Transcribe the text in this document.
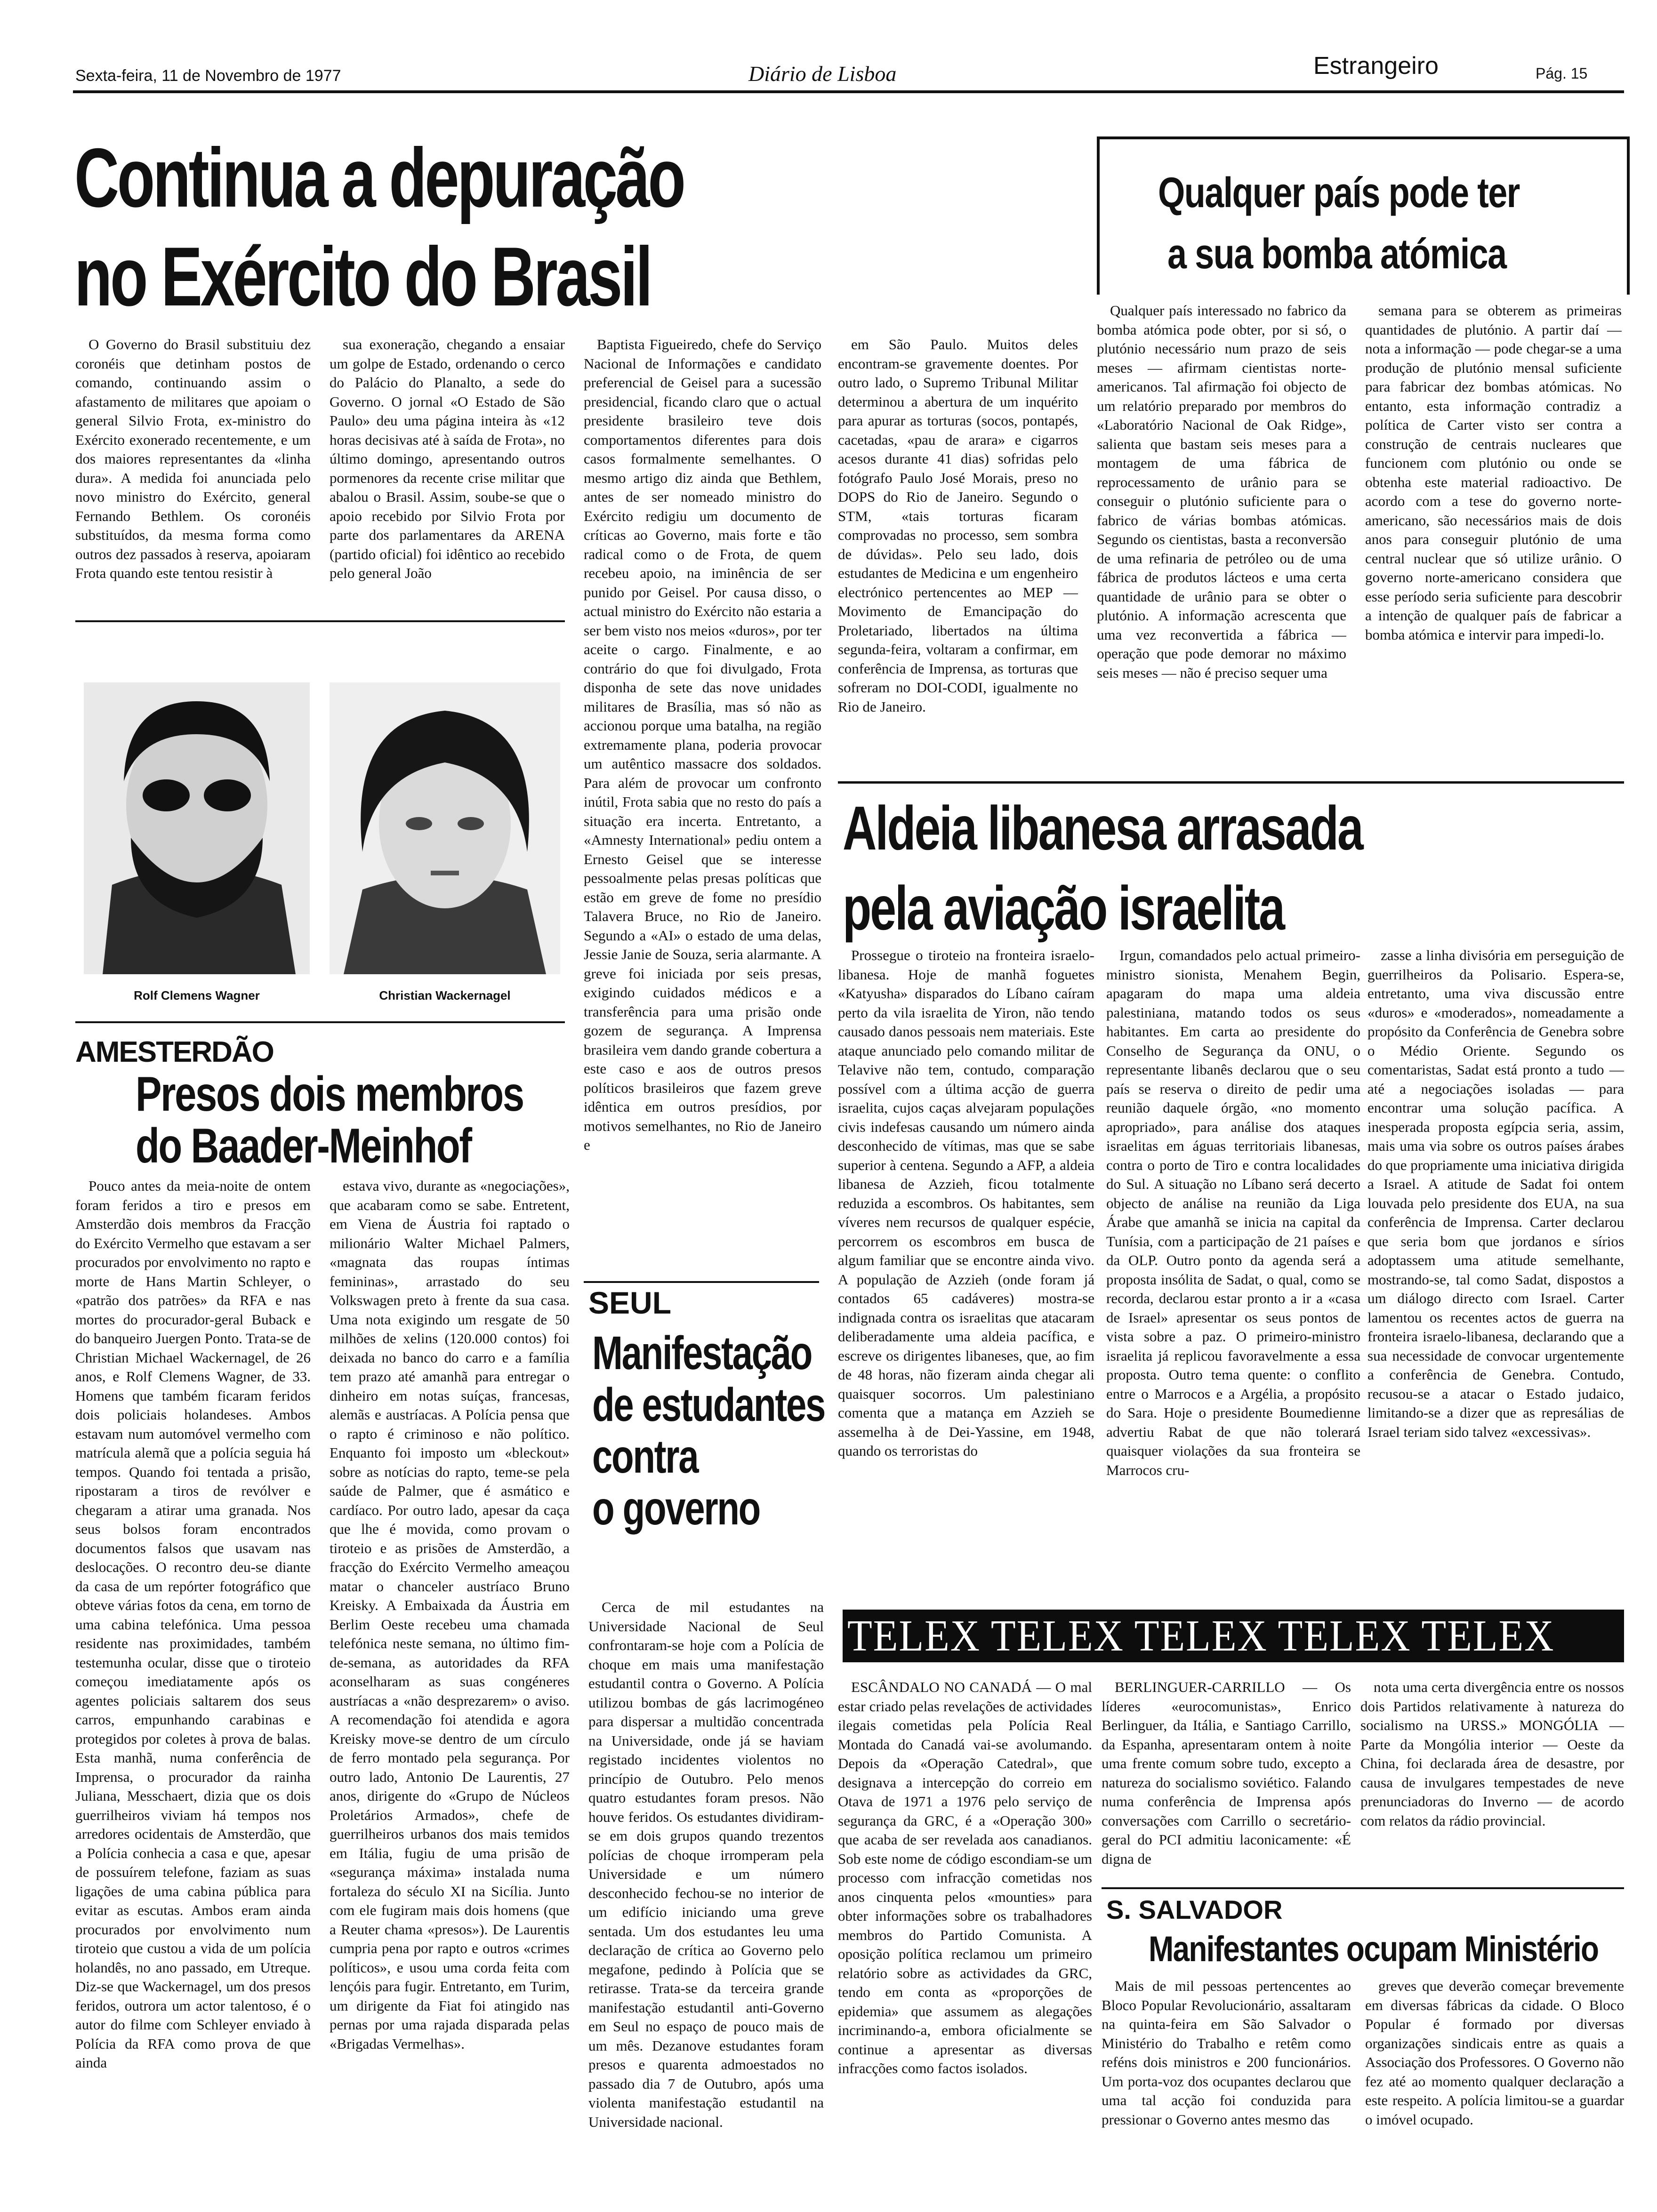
Sexta-feira, 11 de Novembro de 1977	Diário de Lisboa	Estrangeiro	Pág. 15
Continua a depuração
no Exército do Brasil

O Governo do Brasil substituiu dez coronéis que detinham postos de comando, continuando assim o afastamento de militares que apoiam o general Silvio Frota, ex-ministro do Exército exonerado recentemente, e um dos maiores representantes da «linha dura». A medida foi anunciada pelo novo ministro do Exército, general Fernando Bethlem. Os coronéis substituídos, da mesma forma como outros dez passados à reserva, apoiaram Frota quando este tentou resistir à

sua exoneração, chegando a ensaiar um golpe de Estado, ordenando o cerco do Palácio do Planalto, a sede do Governo. O jornal «O Estado de São Paulo» deu uma página inteira às «12 horas decisivas até à saída de Frota», no último domingo, apresentando outros pormenores da recente crise militar que abalou o Brasil. Assim, soube-se que o apoio recebido por Silvio Frota por parte dos parlamentares da ARENA (partido oficial) foi idêntico ao recebido pelo general João

Baptista Figueiredo, chefe do Serviço Nacional de Informações e candidato preferencial de Geisel para a sucessão presidencial, ficando claro que o actual presidente brasileiro teve dois comportamentos diferentes para dois casos formalmente semelhantes. O mesmo artigo diz ainda que Bethlem, antes de ser nomeado ministro do Exército redigiu um documento de críticas ao Governo, mais forte e tão radical como o de Frota, de quem recebeu apoio, na iminência de ser punido por Geisel. Por causa disso, o actual ministro do Exército não estaria a ser bem visto nos meios «duros», por ter aceite o cargo. Finalmente, e ao contrário do que foi divulgado, Frota disponha de sete das nove unidades militares de Brasília, mas só não as accionou porque uma batalha, na região extremamente plana, poderia provocar um autêntico massacre dos soldados. Para além de provocar um confronto inútil, Frota sabia que no resto do país a situação era incerta. Entretanto, a «Amnesty International» pediu ontem a Ernesto Geisel que se interesse pessoalmente pelas presas políticas que estão em greve de fome no presídio Talavera Bruce, no Rio de Janeiro. Segundo a «AI» o estado de uma delas, Jessie Janie de Souza, seria alarmante. A greve foi iniciada por seis presas, exigindo cuidados médicos e a transferência para uma prisão onde gozem de segurança. A Imprensa brasileira vem dando grande cobertura a este caso e aos de outros presos políticos brasileiros que fazem greve idêntica em outros presídios, por motivos semelhantes, no Rio de Janeiro e

em São Paulo. Muitos deles encontram-se gravemente doentes. Por outro lado, o Supremo Tribunal Militar determinou a abertura de um inquérito para apurar as torturas (socos, pontapés, cacetadas, «pau de arara» e cigarros acesos durante 41 dias) sofridas pelo fotógrafo Paulo José Morais, preso no DOPS do Rio de Janeiro. Segundo o STM, «tais torturas ficaram comprovadas no processo, sem sombra de dúvidas». Pelo seu lado, dois estudantes de Medicina e um engenheiro electrónico pertencentes ao MEP — Movimento de Emancipação do Proletariado, libertados na última segunda-feira, voltaram a confirmar, em conferência de Imprensa, as torturas que sofreram no DOI-CODI, igualmente no Rio de Janeiro.

Rolf Clemens Wagner	Christian Wackernagel
AMESTERDÃO
Presos dois membros
do Baader-Meinhof

Pouco antes da meia-noite de ontem foram feridos a tiro e presos em Amsterdão dois membros da Fracção do Exército Vermelho que estavam a ser procurados por envolvimento no rapto e morte de Hans Martin Schleyer, o «patrão dos patrões» da RFA e nas mortes do procurador-geral Buback e do banqueiro Juergen Ponto. Trata-se de Christian Michael Wackernagel, de 26 anos, e Rolf Clemens Wagner, de 33. Homens que também ficaram feridos dois policiais holandeses. Ambos estavam num automóvel vermelho com matrícula alemã que a polícia seguia há tempos. Quando foi tentada a prisão, ripostaram a tiros de revólver e chegaram a atirar uma granada. Nos seus bolsos foram encontrados documentos falsos que usavam nas deslocações. O recontro deu-se diante da casa de um repórter fotográfico que obteve várias fotos da cena, em torno de uma cabina telefónica. Uma pessoa residente nas proximidades, também testemunha ocular, disse que o tiroteio começou imediatamente após os agentes policiais saltarem dos seus carros, empunhando carabinas e protegidos por coletes à prova de balas. Esta manhã, numa conferência de Imprensa, o procurador da rainha Juliana, Messchaert, dizia que os dois guerrilheiros viviam há tempos nos arredores ocidentais de Amsterdão, que a Polícia conhecia a casa e que, apesar de possuírem telefone, faziam as suas ligações de uma cabina pública para evitar as escutas. Ambos eram ainda procurados por envolvimento num tiroteio que custou a vida de um polícia holandês, no ano passado, em Utreque. Diz-se que Wackernagel, um dos presos feridos, outrora um actor talentoso, é o autor do filme com Schleyer enviado à Polícia da RFA como prova de que ainda

estava vivo, durante as «negociações», que acabaram como se sabe. Entretent, em Viena de Áustria foi raptado o milionário Walter Michael Palmers, «magnata das roupas íntimas femininas», arrastado do seu Volkswagen preto à frente da sua casa. Uma nota exigindo um resgate de 50 milhões de xelins (120.000 contos) foi deixada no banco do carro e a família tem prazo até amanhã para entregar o dinheiro em notas suíças, francesas, alemãs e austríacas. A Polícia pensa que o rapto é criminoso e não político. Enquanto foi imposto um «bleckout» sobre as notícias do rapto, teme-se pela saúde de Palmer, que é asmático e cardíaco. Por outro lado, apesar da caça que lhe é movida, como provam o tiroteio e as prisões de Amsterdão, a fracção do Exército Vermelho ameaçou matar o chanceler austríaco Bruno Kreisky. A Embaixada da Áustria em Berlim Oeste recebeu uma chamada telefónica neste semana, no último fim-de-semana, as autoridades da RFA aconselharam as suas congéneres austríacas a «não desprezarem» o aviso. A recomendação foi atendida e agora Kreisky move-se dentro de um círculo de ferro montado pela segurança. Por outro lado, Antonio De Laurentis, 27 anos, dirigente do «Grupo de Núcleos Proletários Armados», chefe de guerrilheiros urbanos dos mais temidos em Itália, fugiu de uma prisão de «segurança máxima» instalada numa fortaleza do século XI na Sicília. Junto com ele fugiram mais dois homens (que a Reuter chama «presos»). De Laurentis cumpria pena por rapto e outros «crimes políticos», e usou uma corda feita com lençóis para fugir. Entretanto, em Turim, um dirigente da Fiat foi atingido nas pernas por uma rajada disparada pelas «Brigadas Vermelhas».

SEUL
Manifestação
de estudantes
contra
o governo

Cerca de mil estudantes na Universidade Nacional de Seul confrontaram-se hoje com a Polícia de choque em mais uma manifestação estudantil contra o Governo. A Polícia utilizou bombas de gás lacrimogéneo para dispersar a multidão concentrada na Universidade, onde já se haviam registado incidentes violentos no princípio de Outubro. Pelo menos quatro estudantes foram presos. Não houve feridos. Os estudantes dividiram-se em dois grupos quando trezentos polícias de choque irromperam pela Universidade e um número desconhecido fechou-se no interior de um edifício iniciando uma greve sentada. Um dos estudantes leu uma declaração de crítica ao Governo pelo megafone, pedindo à Polícia que se retirasse. Trata-se da terceira grande manifestação estudantil anti-Governo em Seul no espaço de pouco mais de um mês. Dezanove estudantes foram presos e quarenta admoestados no passado dia 7 de Outubro, após uma violenta manifestação estudantil na Universidade nacional.

Qualquer país pode ter
a sua bomba atómica

Qualquer país interessado no fabrico da bomba atómica pode obter, por si só, o plutónio necessário num prazo de seis meses — afirmam cientistas norte-americanos. Tal afirmação foi objecto de um relatório preparado por membros do «Laboratório Nacional de Oak Ridge», salienta que bastam seis meses para a montagem de uma fábrica de reprocessamento de urânio para se conseguir o plutónio suficiente para o fabrico de várias bombas atómicas. Segundo os cientistas, basta a reconversão de uma refinaria de petróleo ou de uma fábrica de produtos lácteos e uma certa quantidade de urânio para se obter o plutónio. A informação acrescenta que uma vez reconvertida a fábrica — operação que pode demorar no máximo seis meses — não é preciso sequer uma

semana para se obterem as primeiras quantidades de plutónio. A partir daí — nota a informação — pode chegar-se a uma produção de plutónio mensal suficiente para fabricar dez bombas atómicas. No entanto, esta informação contradiz a política de Carter visto ser contra a construção de centrais nucleares que funcionem com plutónio ou onde se obtenha este material radioactivo. De acordo com a tese do governo norte-americano, são necessários mais de dois anos para conseguir plutónio de uma central nuclear que só utilize urânio. O governo norte-americano considera que esse período seria suficiente para descobrir a intenção de qualquer país de fabricar a bomba atómica e intervir para impedi-lo.

Aldeia libanesa arrasada
pela aviação israelita

Prossegue o tiroteio na fronteira israelo-libanesa. Hoje de manhã foguetes «Katyusha» disparados do Líbano caíram perto da vila israelita de Yiron, não tendo causado danos pessoais nem materiais. Este ataque anunciado pelo comando militar de Telavive não tem, contudo, comparação possível com a última acção de guerra israelita, cujos caças alvejaram populações civis indefesas causando um número ainda desconhecido de vítimas, mas que se sabe superior à centena. Segundo a AFP, a aldeia libanesa de Azzieh, ficou totalmente reduzida a escombros. Os habitantes, sem víveres nem recursos de qualquer espécie, percorrem os escombros em busca de algum familiar que se encontre ainda vivo. A população de Azzieh (onde foram já contados 65 cadáveres) mostra-se indignada contra os israelitas que atacaram deliberadamente uma aldeia pacífica, e escreve os dirigentes libaneses, que, ao fim de 48 horas, não fizeram ainda chegar ali quaisquer socorros. Um palestiniano comenta que a matança em Azzieh se assemelha à de Dei-Yassine, em 1948, quando os terroristas do

Irgun, comandados pelo actual primeiro-ministro sionista, Menahem Begin, apagaram do mapa uma aldeia palestiniana, matando todos os seus habitantes. Em carta ao presidente do Conselho de Segurança da ONU, o representante libanês declarou que o seu país se reserva o direito de pedir uma reunião daquele órgão, «no momento apropriado», para análise dos ataques israelitas em águas territoriais libanesas, contra o porto de Tiro e contra localidades do Sul. A situação no Líbano será decerto objecto de análise na reunião da Liga Árabe que amanhã se inicia na capital da Tunísia, com a participação de 21 países e da OLP. Outro ponto da agenda será a proposta insólita de Sadat, o qual, como se recorda, declarou estar pronto a ir a «casa de Israel» apresentar os seus pontos de vista sobre a paz. O primeiro-ministro israelita já replicou favoravelmente a essa proposta. Outro tema quente: o conflito entre o Marrocos e a Argélia, a propósito do Sara. Hoje o presidente Boumedienne advertiu Rabat de que não tolerará quaisquer violações da sua fronteira se Marrocos cru-

zasse a linha divisória em perseguição de guerrilheiros da Polisario. Espera-se, entretanto, uma viva discussão entre «duros» e «moderados», nomeadamente a propósito da Conferência de Genebra sobre o Médio Oriente. Segundo os comentaristas, Sadat está pronto a tudo — até a negociações isoladas — para encontrar uma solução pacífica. A inesperada proposta egípcia seria, assim, mais uma via sobre os outros países árabes do que propriamente uma iniciativa dirigida a Israel. A atitude de Sadat foi ontem louvada pelo presidente dos EUA, na sua conferência de Imprensa. Carter declarou que seria bom que jordanos e sírios adoptassem uma atitude semelhante, mostrando-se, tal como Sadat, dispostos a um diálogo directo com Israel. Carter lamentou os recentes actos de guerra na fronteira israelo-libanesa, declarando que a sua necessidade de convocar urgentemente a conferência de Genebra. Contudo, recusou-se a atacar o Estado judaico, limitando-se a dizer que as represálias de Israel teriam sido talvez «excessivas».

TELEX TELEX TELEX TELEX TELEX

ESCÂNDALO NO CANADÁ — O mal estar criado pelas revelações de actividades ilegais cometidas pela Polícia Real Montada do Canadá vai-se avolumando. Depois da «Operação Catedral», que designava a intercepção do correio em Otava de 1971 a 1976 pelo serviço de segurança da GRC, é a «Operação 300» que acaba de ser revelada aos canadianos. Sob este nome de código escondiam-se um processo com infracção cometidas nos anos cinquenta pelos «mounties» para obter informações sobre os trabalhadores membros do Partido Comunista. A oposição política reclamou um primeiro relatório sobre as actividades da GRC, tendo em conta as «proporções de epidemia» que assumem as alegações incriminando-a, embora oficialmente se continue a apresentar as diversas infracções como factos isolados.

BERLINGUER-CARRILLO — Os líderes «eurocomunistas», Enrico Berlinguer, da Itália, e Santiago Carrillo, da Espanha, apresentaram ontem à noite uma frente comum sobre tudo, excepto a natureza do socialismo soviético. Falando numa conferência de Imprensa após conversações com Carrillo o secretário-geral do PCI admitiu laconicamente: «É digna de

nota uma certa divergência entre os nossos dois Partidos relativamente à natureza do socialismo na URSS.» MONGÓLIA — Parte da Mongólia interior — Oeste da China, foi declarada área de desastre, por causa de invulgares tempestades de neve prenunciadoras do Inverno — de acordo com relatos da rádio provincial.

S. SALVADOR
Manifestantes ocupam Ministério

Mais de mil pessoas pertencentes ao Bloco Popular Revolucionário, assaltaram na quinta-feira em São Salvador o Ministério do Trabalho e retêm como reféns dois ministros e 200 funcionários. Um porta-voz dos ocupantes declarou que uma tal acção foi conduzida para pressionar o Governo antes mesmo das

greves que deverão começar brevemente em diversas fábricas da cidade. O Bloco Popular é formado por diversas organizações sindicais entre as quais a Associação dos Professores. O Governo não fez até ao momento qualquer declaração a este respeito. A polícia limitou-se a guardar o imóvel ocupado.
